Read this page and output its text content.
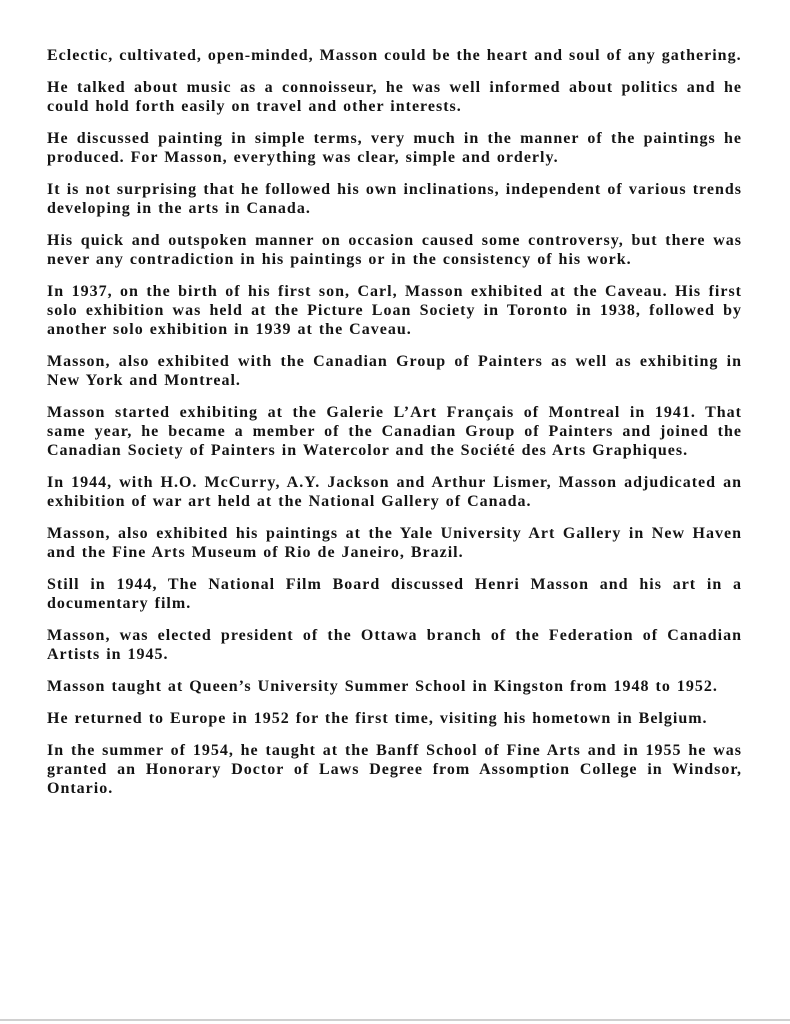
Eclectic, cultivated, open-minded, Masson could be the heart and soul of any gathering.

He talked about music as a connoisseur, he was well informed about politics and he could hold forth easily on travel and other interests.

He discussed painting in simple terms, very much in the manner of the paintings he produced. For Masson, everything was clear, simple and orderly.

It is not surprising that he followed his own inclinations, independent of various trends developing in the arts in Canada.

His quick and outspoken manner on occasion caused some controversy, but there was never any contradiction in his paintings or in the consistency of his work.

In 1937, on the birth of his first son, Carl, Masson exhibited at the Caveau. His first solo exhibition was held at the Picture Loan Society in Toronto in 1938, followed by another solo exhibition in 1939 at the Caveau.

Masson, also exhibited with the Canadian Group of Painters as well as exhibiting in New York and Montreal.

Masson started exhibiting at the Galerie L’Art Français of Montreal in 1941. That same year, he became a member of the Canadian Group of Painters and joined the Canadian Society of Painters in Watercolor and the Société des Arts Graphiques.

In 1944, with H.O. McCurry, A.Y. Jackson and Arthur Lismer, Masson adjudicated an exhibition of war art held at the National Gallery of Canada.

Masson, also exhibited his paintings at the Yale University Art Gallery in New Haven and the Fine Arts Museum of Rio de Janeiro, Brazil.

Still in 1944, The National Film Board discussed Henri Masson and his art in a documentary film.

Masson, was elected president of the Ottawa branch of the Federation of Canadian Artists in 1945.

Masson taught at Queen’s University Summer School in Kingston from 1948 to 1952.

He returned to Europe in 1952 for the first time, visiting his hometown in Belgium.

In the summer of 1954, he taught at the Banff School of Fine Arts and in 1955 he was granted an Honorary Doctor of Laws Degree from Assomption College in Windsor, Ontario.
